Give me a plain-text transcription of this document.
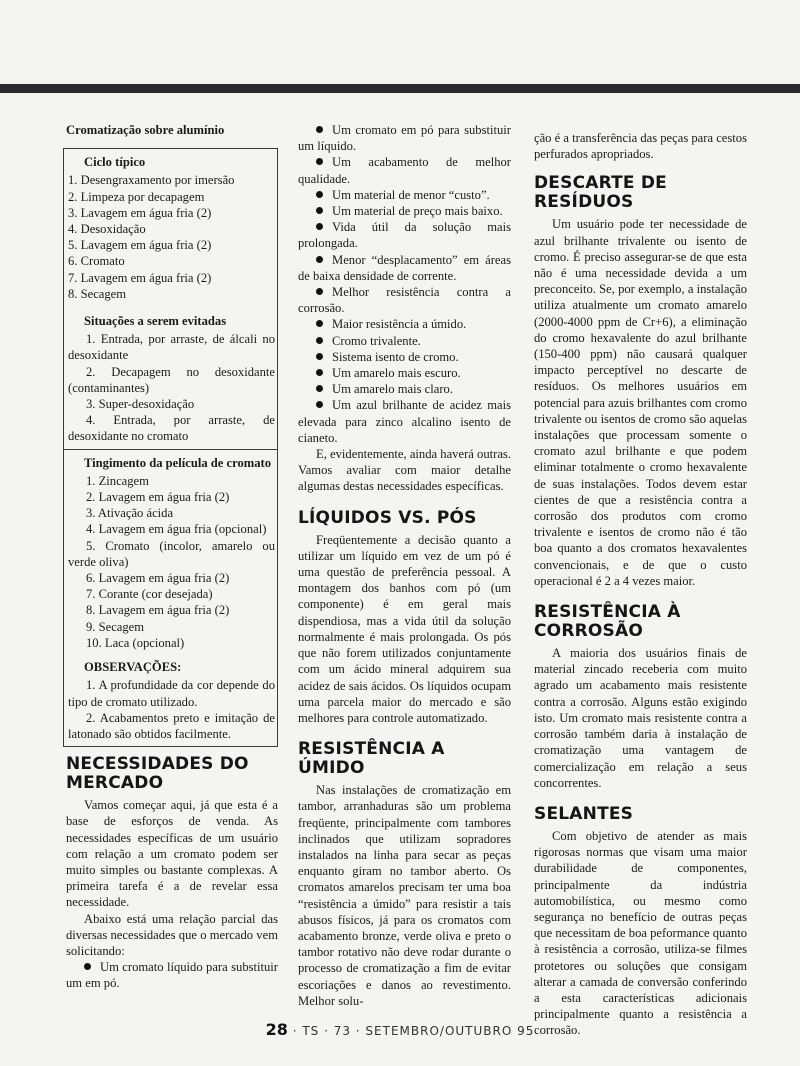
Cromatização sobre alumínio
Ciclo típico
1. Desengraxamento por imersão
2. Limpeza por decapagem
3. Lavagem em água fria (2)
4. Desoxidação
5. Lavagem em água fria (2)
6. Cromato
7. Lavagem em água fria (2)
8. Secagem
Situações a serem evitadas
1. Entrada, por arraste, de álcali no desoxidante
2. Decapagem no desoxidante (contaminantes)
3. Super-desoxidação
4. Entrada, por arraste, de desoxidante no cromato
Tingimento da película de cromato
1. Zincagem
2. Lavagem em água fria (2)
3. Ativação ácida
4. Lavagem em água fria (opcional)
5. Cromato (incolor, amarelo ou verde oliva)
6. Lavagem em água fria (2)
7. Corante (cor desejada)
8. Lavagem em água fria (2)
9. Secagem
10. Laca (opcional)
OBSERVAÇÕES:
1. A profundidade da cor depende do tipo de cromato utilizado.
2. Acabamentos preto e imitação de latonado são obtidos facilmente.
NECESSIDADES DO MERCADO

Vamos começar aqui, já que esta é a base de esforços de venda. As necessidades específicas de um usuário com relação a um cromato podem ser muito simples ou bastante complexas. A primeira tarefa é a de revelar essa necessidade.

Abaixo está uma relação parcial das diversas necessidades que o mercado vem solicitando:

Um cromato líquido para substituir um em pó.

Um cromato em pó para substituir um líquido.

Um acabamento de melhor qualidade.

Um material de menor “custo”.

Um material de preço mais baixo.

Vida útil da solução mais prolongada.

Menor “desplacamento” em áreas de baixa densidade de corrente.

Melhor resistência contra a corrosão.

Maior resistência a úmido.

Cromo trivalente.

Sistema isento de cromo.

Um amarelo mais escuro.

Um amarelo mais claro.

Um azul brilhante de acidez mais elevada para zinco alcalino isento de cianeto.

E, evidentemente, ainda haverá outras. Vamos avaliar com maior detalhe algumas destas necessidades específicas.

LÍQUIDOS VS. PÓS

Freqüentemente a decisão quanto a utilizar um líquido em vez de um pó é uma questão de preferência pessoal. A montagem dos banhos com pó (um componente) é em geral mais dispendiosa, mas a vida útil da solução normalmente é mais prolongada. Os pós que não forem utilizados conjuntamente com um ácido mineral adquirem sua acidez de sais ácidos. Os líquidos ocupam uma parcela maior do mercado e são melhores para controle automatizado.

RESISTÊNCIA A ÚMIDO

Nas instalações de cromatização em tambor, arranhaduras são um problema freqüente, principalmente com tambores inclinados que utilizam sopradores instalados na linha para secar as peças enquanto giram no tambor aberto. Os cromatos amarelos precisam ter uma boa “resistência a úmido” para resistir a tais abusos físicos, já para os cromatos com acabamento bronze, verde oliva e preto o tambor rotativo não deve rodar durante o processo de cromatização a fim de evitar escoriações e danos ao revestimento. Melhor solu-

ção é a transferência das peças para cestos perfurados apropriados.

DESCARTE DE RESÍDUOS

Um usuário pode ter necessidade de azul brilhante trivalente ou isento de cromo. É preciso assegurar-se de que esta não é uma necessidade devida a um preconceito. Se, por exemplo, a instalação utiliza atualmente um cromato amarelo (2000-4000 ppm de Cr+6), a eliminação do cromo hexavalente do azul brilhante (150-400 ppm) não causará qualquer impacto perceptível no descarte de resíduos. Os melhores usuários em potencial para azuis brilhantes com cromo trivalente ou isentos de cromo são aquelas instalações que processam somente o cromato azul brilhante e que podem eliminar totalmente o cromo hexavalente de suas instalações. Todos devem estar cientes de que a resistência contra a corrosão dos produtos com cromo trivalente e isentos de cromo não é tão boa quanto a dos cromatos hexavalentes convencionais, e de que o custo operacional é 2 a 4 vezes maior.

RESISTÊNCIA À CORROSÃO

A maioria dos usuários finais de material zincado receberia com muito agrado um acabamento mais resistente contra a corrosão. Alguns estão exigindo isto. Um cromato mais resistente contra a corrosão também daria à instalação de cromatização uma vantagem de comercialização em relação a seus concorrentes.

SELANTES

Com objetivo de atender as mais rigorosas normas que visam uma maior durabilidade de componentes, principalmente da indústria automobilística, ou mesmo como segurança no benefício de outras peças que necessitam de boa peformance quanto à resistência a corrosão, utiliza-se filmes protetores ou soluções que consigam alterar a camada de conversão conferindo a esta características adicionais principalmente quanto a resistência a corrosão.

28 · TS · 73 · SETEMBRO/OUTUBRO 95
